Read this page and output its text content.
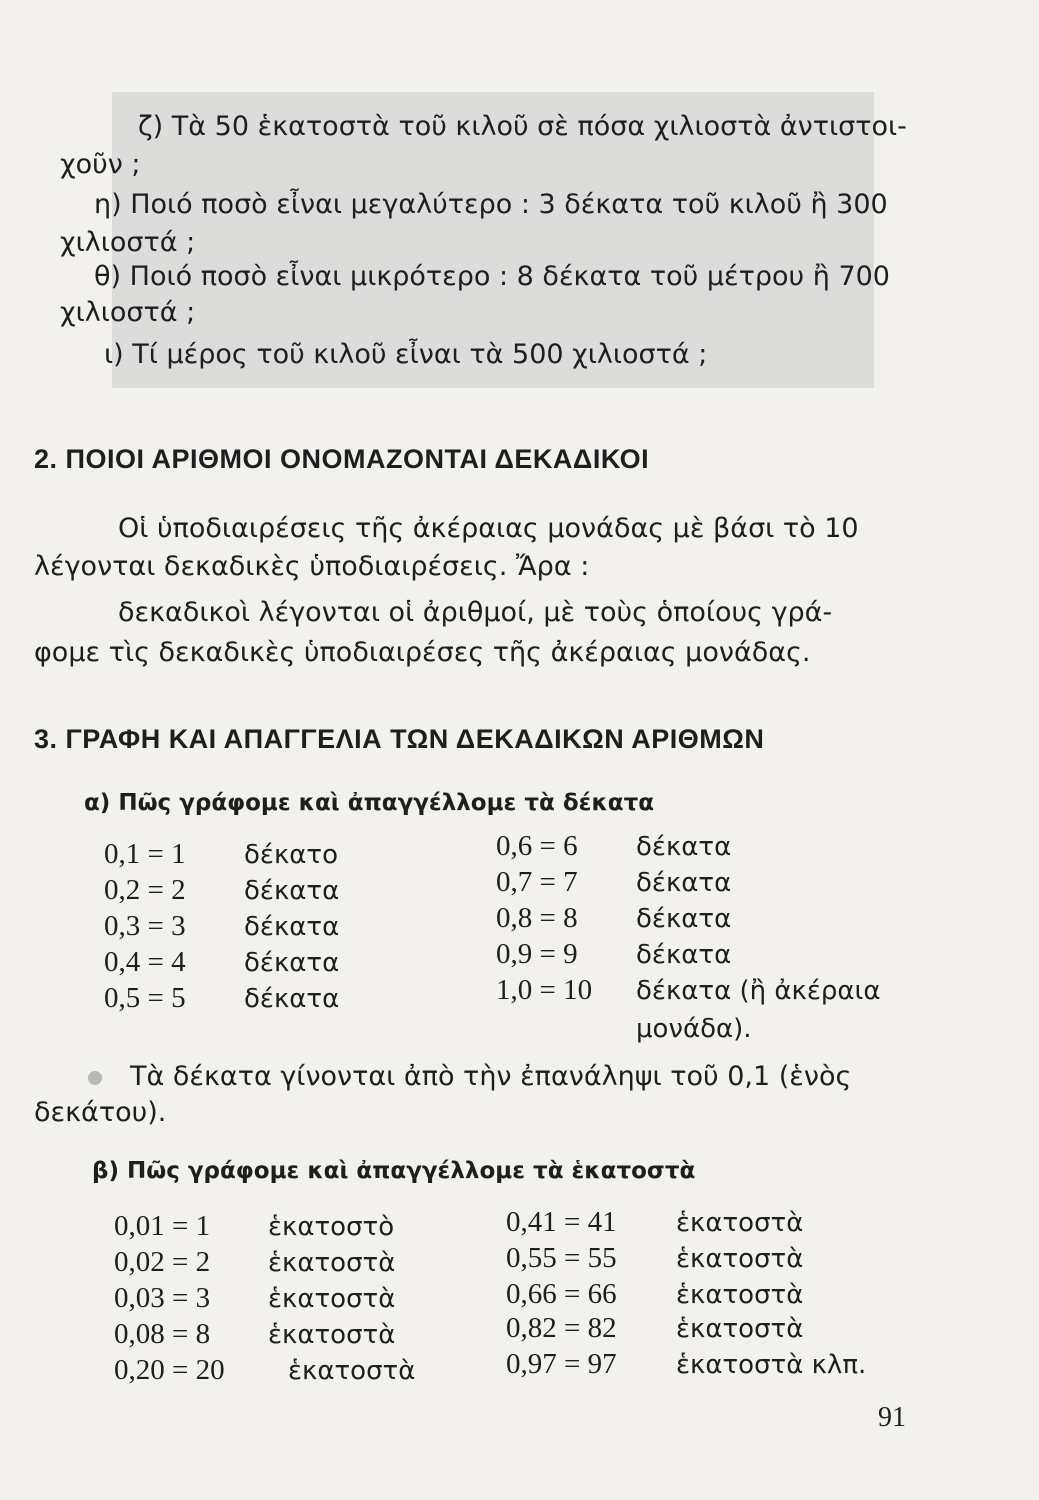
ζ) Τὰ 50 ἑκατοστὰ τοῦ κιλοῦ σὲ πόσα χιλιοστὰ ἀντιστοι-
χοῦν ;
η) Ποιό ποσὸ εἶναι μεγαλύτερο : 3 δέκατα τοῦ κιλοῦ ἢ 300
χιλιοστά ;
θ) Ποιό ποσὸ εἶναι μικρότερο : 8 δέκατα τοῦ μέτρου ἢ 700
χιλιοστά ;
ι) Τί μέρος τοῦ κιλοῦ εἶναι τὰ 500 χιλιοστά ;
2. ΠΟΙΟΙ ΑΡΙΘΜΟΙ ΟΝΟΜΑΖΟΝΤΑΙ ΔΕΚΑΔΙΚΟΙ
Οἱ ὑποδιαιρέσεις τῆς ἀκέραιας μονάδας μὲ βάσι τὸ 10
λέγονται δεκαδικὲς ὑποδιαιρέσεις. Ἄρα :
δεκαδικοὶ λέγονται οἱ ἀριθμοί, μὲ τοὺς ὁποίους γρά-
φομε τὶς δεκαδικὲς ὑποδιαιρέσες τῆς ἀκέραιας μονάδας.
3. ΓΡΑΦΗ ΚΑΙ ΑΠΑΓΓΕΛΙΑ ΤΩΝ ΔΕΚΑΔΙΚΩΝ ΑΡΙΘΜΩΝ
α) Πῶς γράφομε καὶ ἀπαγγέλλομε τὰ δέκατα
0,1 = 1 δέκατο
0,2 = 2 δέκατα
0,3 = 3 δέκατα
0,4 = 4 δέκατα
0,5 = 5 δέκατα
0,6 = 6 δέκατα
0,7 = 7 δέκατα
0,8 = 8 δέκατα
0,9 = 9 δέκατα
1,0 = 10 δέκατα (ἢ ἀκέραια
μονάδα).
Τὰ δέκατα γίνονται ἀπὸ τὴν ἐπανάληψι τοῦ 0,1 (ἑνὸς
δεκάτου).
β) Πῶς γράφομε καὶ ἀπαγγέλλομε τὰ ἑκατοστὰ
0,01 = 1 ἑκατοστὸ
0,02 = 2 ἑκατοστὰ
0,03 = 3 ἑκατοστὰ
0,08 = 8 ἑκατοστὰ
0,20 = 20 ἑκατοστὰ
0,41 = 41 ἑκατοστὰ
0,55 = 55 ἑκατοστὰ
0,66 = 66 ἑκατοστὰ
0,82 = 82 ἑκατοστὰ
0,97 = 97 ἑκατοστὰ κλπ.
91
